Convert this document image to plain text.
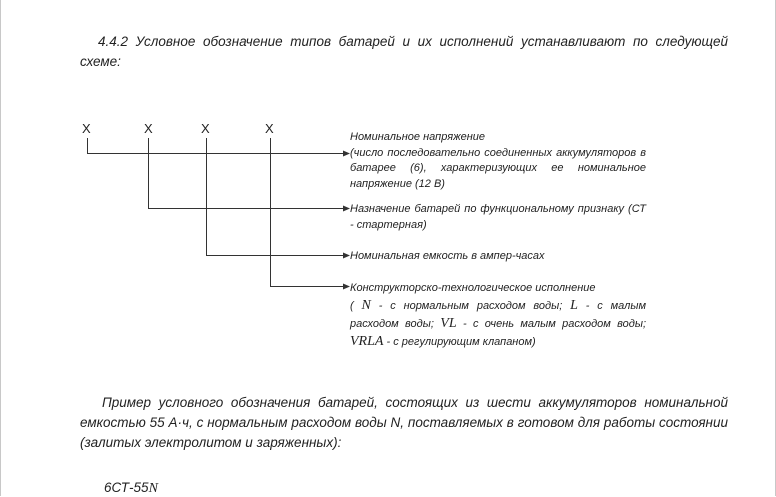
4.4.2 Условное обозначение типов батарей и их исполнений устанавливают по следующей схеме:
X	X	X	X
Номинальное напряжение
(число последовательно соединенных аккумуляторов в батарее (6), характеризующих ее номинальное напряжение (12 В)
Назначение батарей по функциональному признаку (СТ - стартерная)
Номинальная емкость в ампер-часах
Конструкторско-технологическое исполнение
( N - с нормальным расходом воды; L - с малым расходом воды; VL - с очень малым расходом воды; VRLA - с регулирующим клапаном)
Пример условного обозначения батарей, состоящих из шести аккумуляторов номинальной емкостью 55 А·ч, с нормальным расходом воды N, поставляемых в готовом для работы состоянии (залитых электролитом и заряженных):
6СТ-55N
